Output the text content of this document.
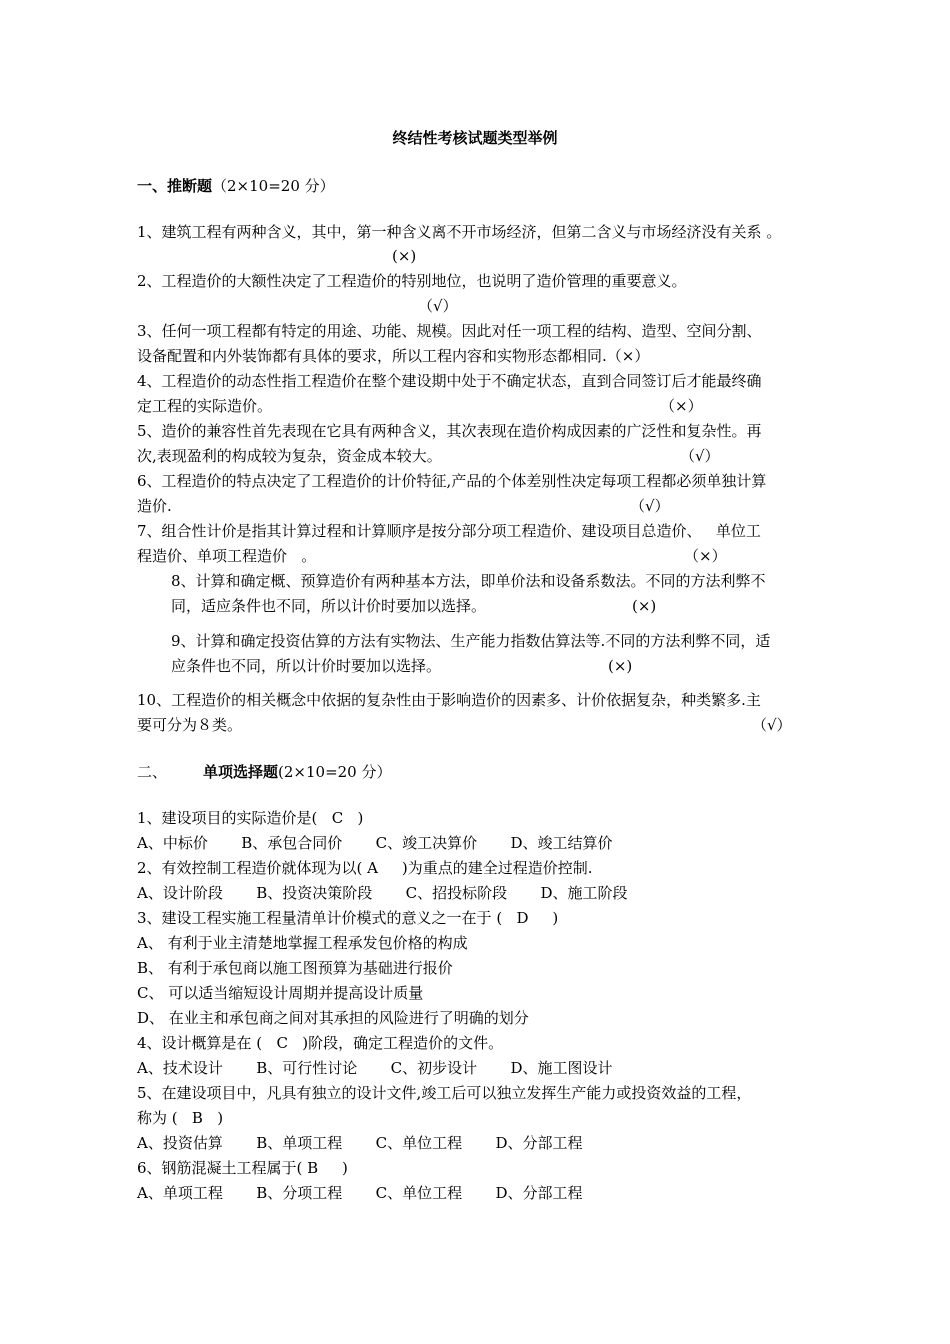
终结性考核试题类型举例
一、推断题（2×10=20 分）
1、建筑工程有两种含义，其中，第一种含义离不开市场经济，但第二含义与市场经济没有关系 。
(×)
2、工程造价的大额性决定了工程造价的特别地位，也说明了造价管理的重要意义。
（√）
3、任何一项工程都有特定的用途、功能、规模。因此对任一项工程的结构、造型、空间分割、
设备配置和内外装饰都有具体的要求，所以工程内容和实物形态都相同.（×）
4、工程造价的动态性指工程造价在整个建设期中处于不确定状态，直到合同签订后才能最终确
定工程的实际造价。	（×）
5、造价的兼容性首先表现在它具有两种含义，其次表现在造价构成因素的广泛性和复杂性。再
次,表现盈利的构成较为复杂，资金成本较大。	（√）
6、工程造价的特点决定了工程造价的计价特征,产品的个体差别性决定每项工程都必须单独计算
造价.	（√）
7、组合性计价是指其计算过程和计算顺序是按分部分项工程造价、建设项目总造价、   单位工
程造价、单项工程造价   。	（×）
8、计算和确定概、预算造价有两种基本方法，即单价法和设备系数法。不同的方法利弊不
同，适应条件也不同，所以计价时要加以选择。	(×)
9、计算和确定投资估算的方法有实物法、生产能力指数估算法等.不同的方法利弊不同，适
应条件也不同，所以计价时要加以选择。	(×)
10、工程造价的相关概念中依据的复杂性由于影响造价的因素多、计价依据复杂，种类繁多.主
要可分为８类。	（√）
二、 单项选择题(2×10=20 分）
1、建设项目的实际造价是(   C   )
A、中标价       B、承包合同价       C、竣工决算价       D、竣工结算价
2、有效控制工程造价就体现为以( A     )为重点的建全过程造价控制.
A、设计阶段       B、投资决策阶段       C、招投标阶段       D、施工阶段
3、建设工程实施工程量清单计价模式的意义之一在于 (   D     )
A、 有利于业主清楚地掌握工程承发包价格的构成
B、 有利于承包商以施工图预算为基础进行报价
C、 可以适当缩短设计周期并提高设计质量
D、 在业主和承包商之间对其承担的风险进行了明确的划分
4、设计概算是在 (   C   )阶段，确定工程造价的文件。
A、技术设计       B、可行性讨论       C、初步设计       D、施工图设计
5、在建设项目中，凡具有独立的设计文件,竣工后可以独立发挥生产能力或投资效益的工程，
称为 (   B   )
A、投资估算       B、单项工程       C、单位工程       D、分部工程
6、钢筋混凝土工程属于( B     )
A、单项工程       B、分项工程       C、单位工程       D、分部工程
